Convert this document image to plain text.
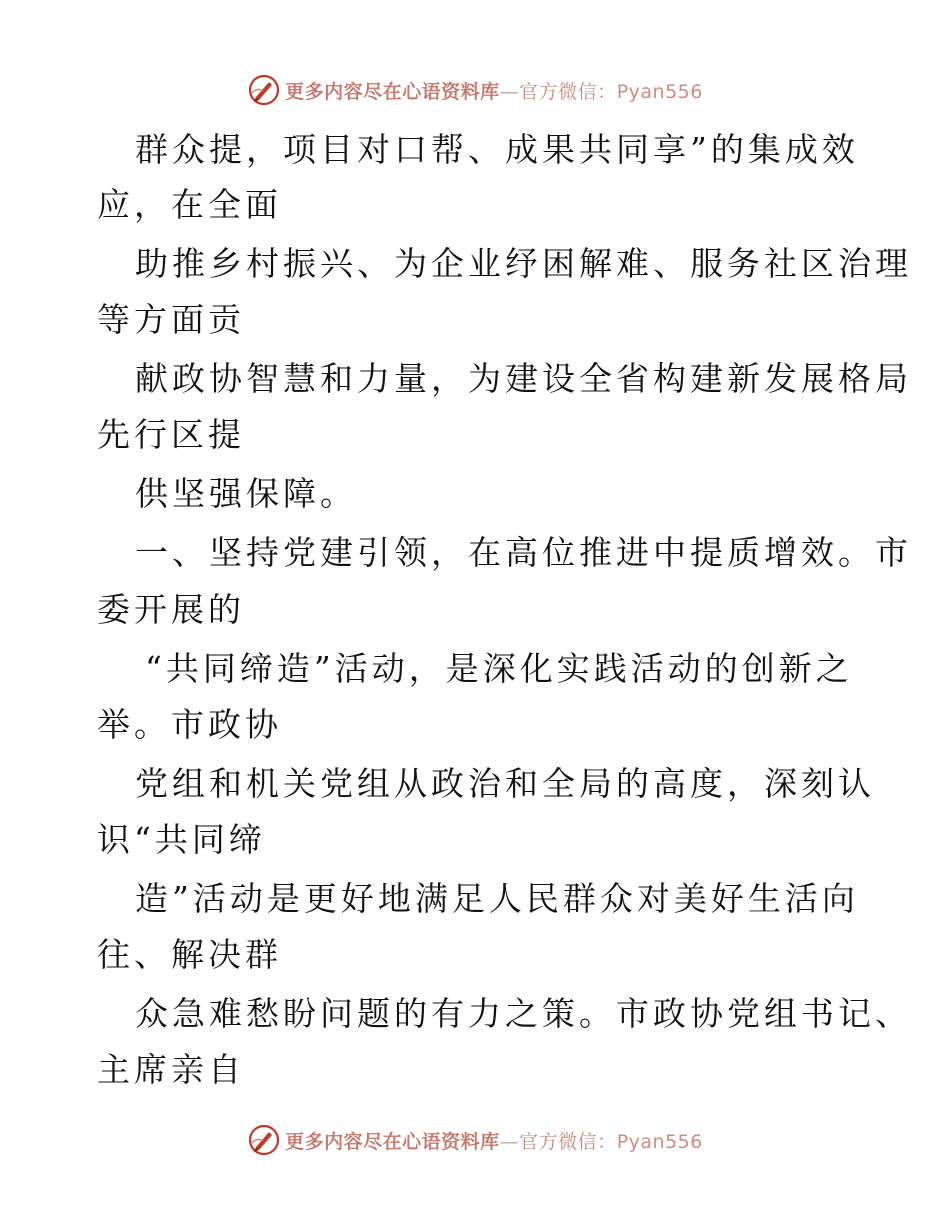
更多内容尽在心语资料库—官方微信：Pyan556
群众提，项目对口帮、成果共同享”的集成效
应，在全面
助推乡村振兴、为企业纾困解难、服务社区治理
等方面贡
献政协智慧和力量，为建设全省构建新发展格局
先行区提
供坚强保障。
一、坚持党建引领，在高位推进中提质增效。市
委开展的
“共同缔造”活动，是深化实践活动的创新之
举。市政协
党组和机关党组从政治和全局的高度，深刻认
识“共同缔
造”活动是更好地满足人民群众对美好生活向
往、解决群
众急难愁盼问题的有力之策。市政协党组书记、
主席亲自
更多内容尽在心语资料库—官方微信：Pyan556
